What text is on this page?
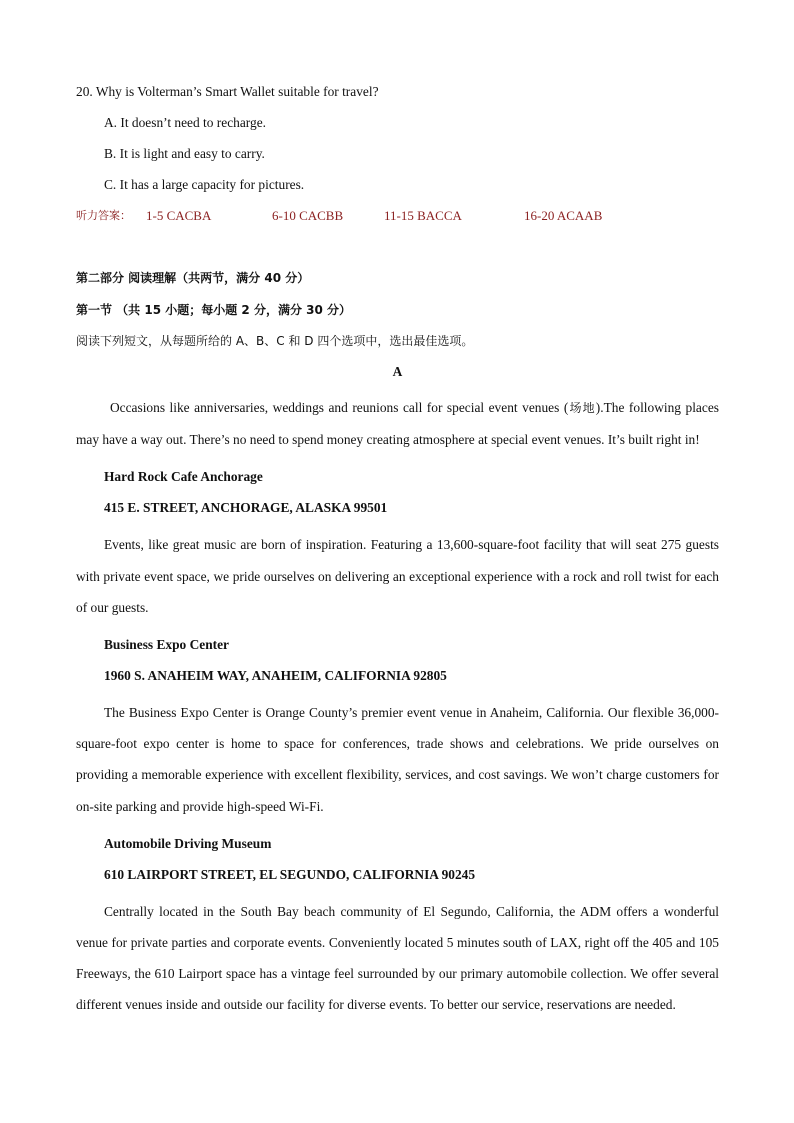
20. Why is Volterman’s Smart Wallet suitable for travel?
A. It doesn’t need to recharge.
B. It is light and easy to carry.
C. It has a large capacity for pictures.
听力答案：	1-5 CACBA	6-10 CACBB	11-15 BACCA	16-20 ACAAB
第二部分 阅读理解（共两节，满分 40 分）
第一节 （共 15 小题；每小题 2 分，满分 30 分）
阅读下列短文，从每题所给的 A、B、C 和 D 四个选项中，选出最佳选项。
A

Occasions like anniversaries, weddings and reunions call for special event venues (场地).The following places may have a way out. There’s no need to spend money creating atmosphere at special event venues. It’s built right in!

Hard Rock Cafe Anchorage
415 E. STREET, ANCHORAGE, ALASKA 99501

Events, like great music are born of inspiration. Featuring a 13,600-square-foot facility that will seat 275 guests with private event space, we pride ourselves on delivering an exceptional experience with a rock and roll twist for each of our guests.

Business Expo Center
1960 S. ANAHEIM WAY, ANAHEIM, CALIFORNIA 92805

The Business Expo Center is Orange County’s premier event venue in Anaheim, California. Our flexible 36,000-square-foot expo center is home to space for conferences, trade shows and celebrations. We pride ourselves on providing a memorable experience with excellent flexibility, services, and cost savings. We won’t charge customers for on-site parking and provide high-speed Wi-Fi.

Automobile Driving Museum
610 LAIRPORT STREET, EL SEGUNDO, CALIFORNIA 90245

Centrally located in the South Bay beach community of El Segundo, California, the ADM offers a wonderful venue for private parties and corporate events. Conveniently located 5 minutes south of LAX, right off the 405 and 105 Freeways, the 610 Lairport space has a vintage feel surrounded by our primary automobile collection. We offer several different venues inside and outside our facility for diverse events. To better our service, reservations are needed.
